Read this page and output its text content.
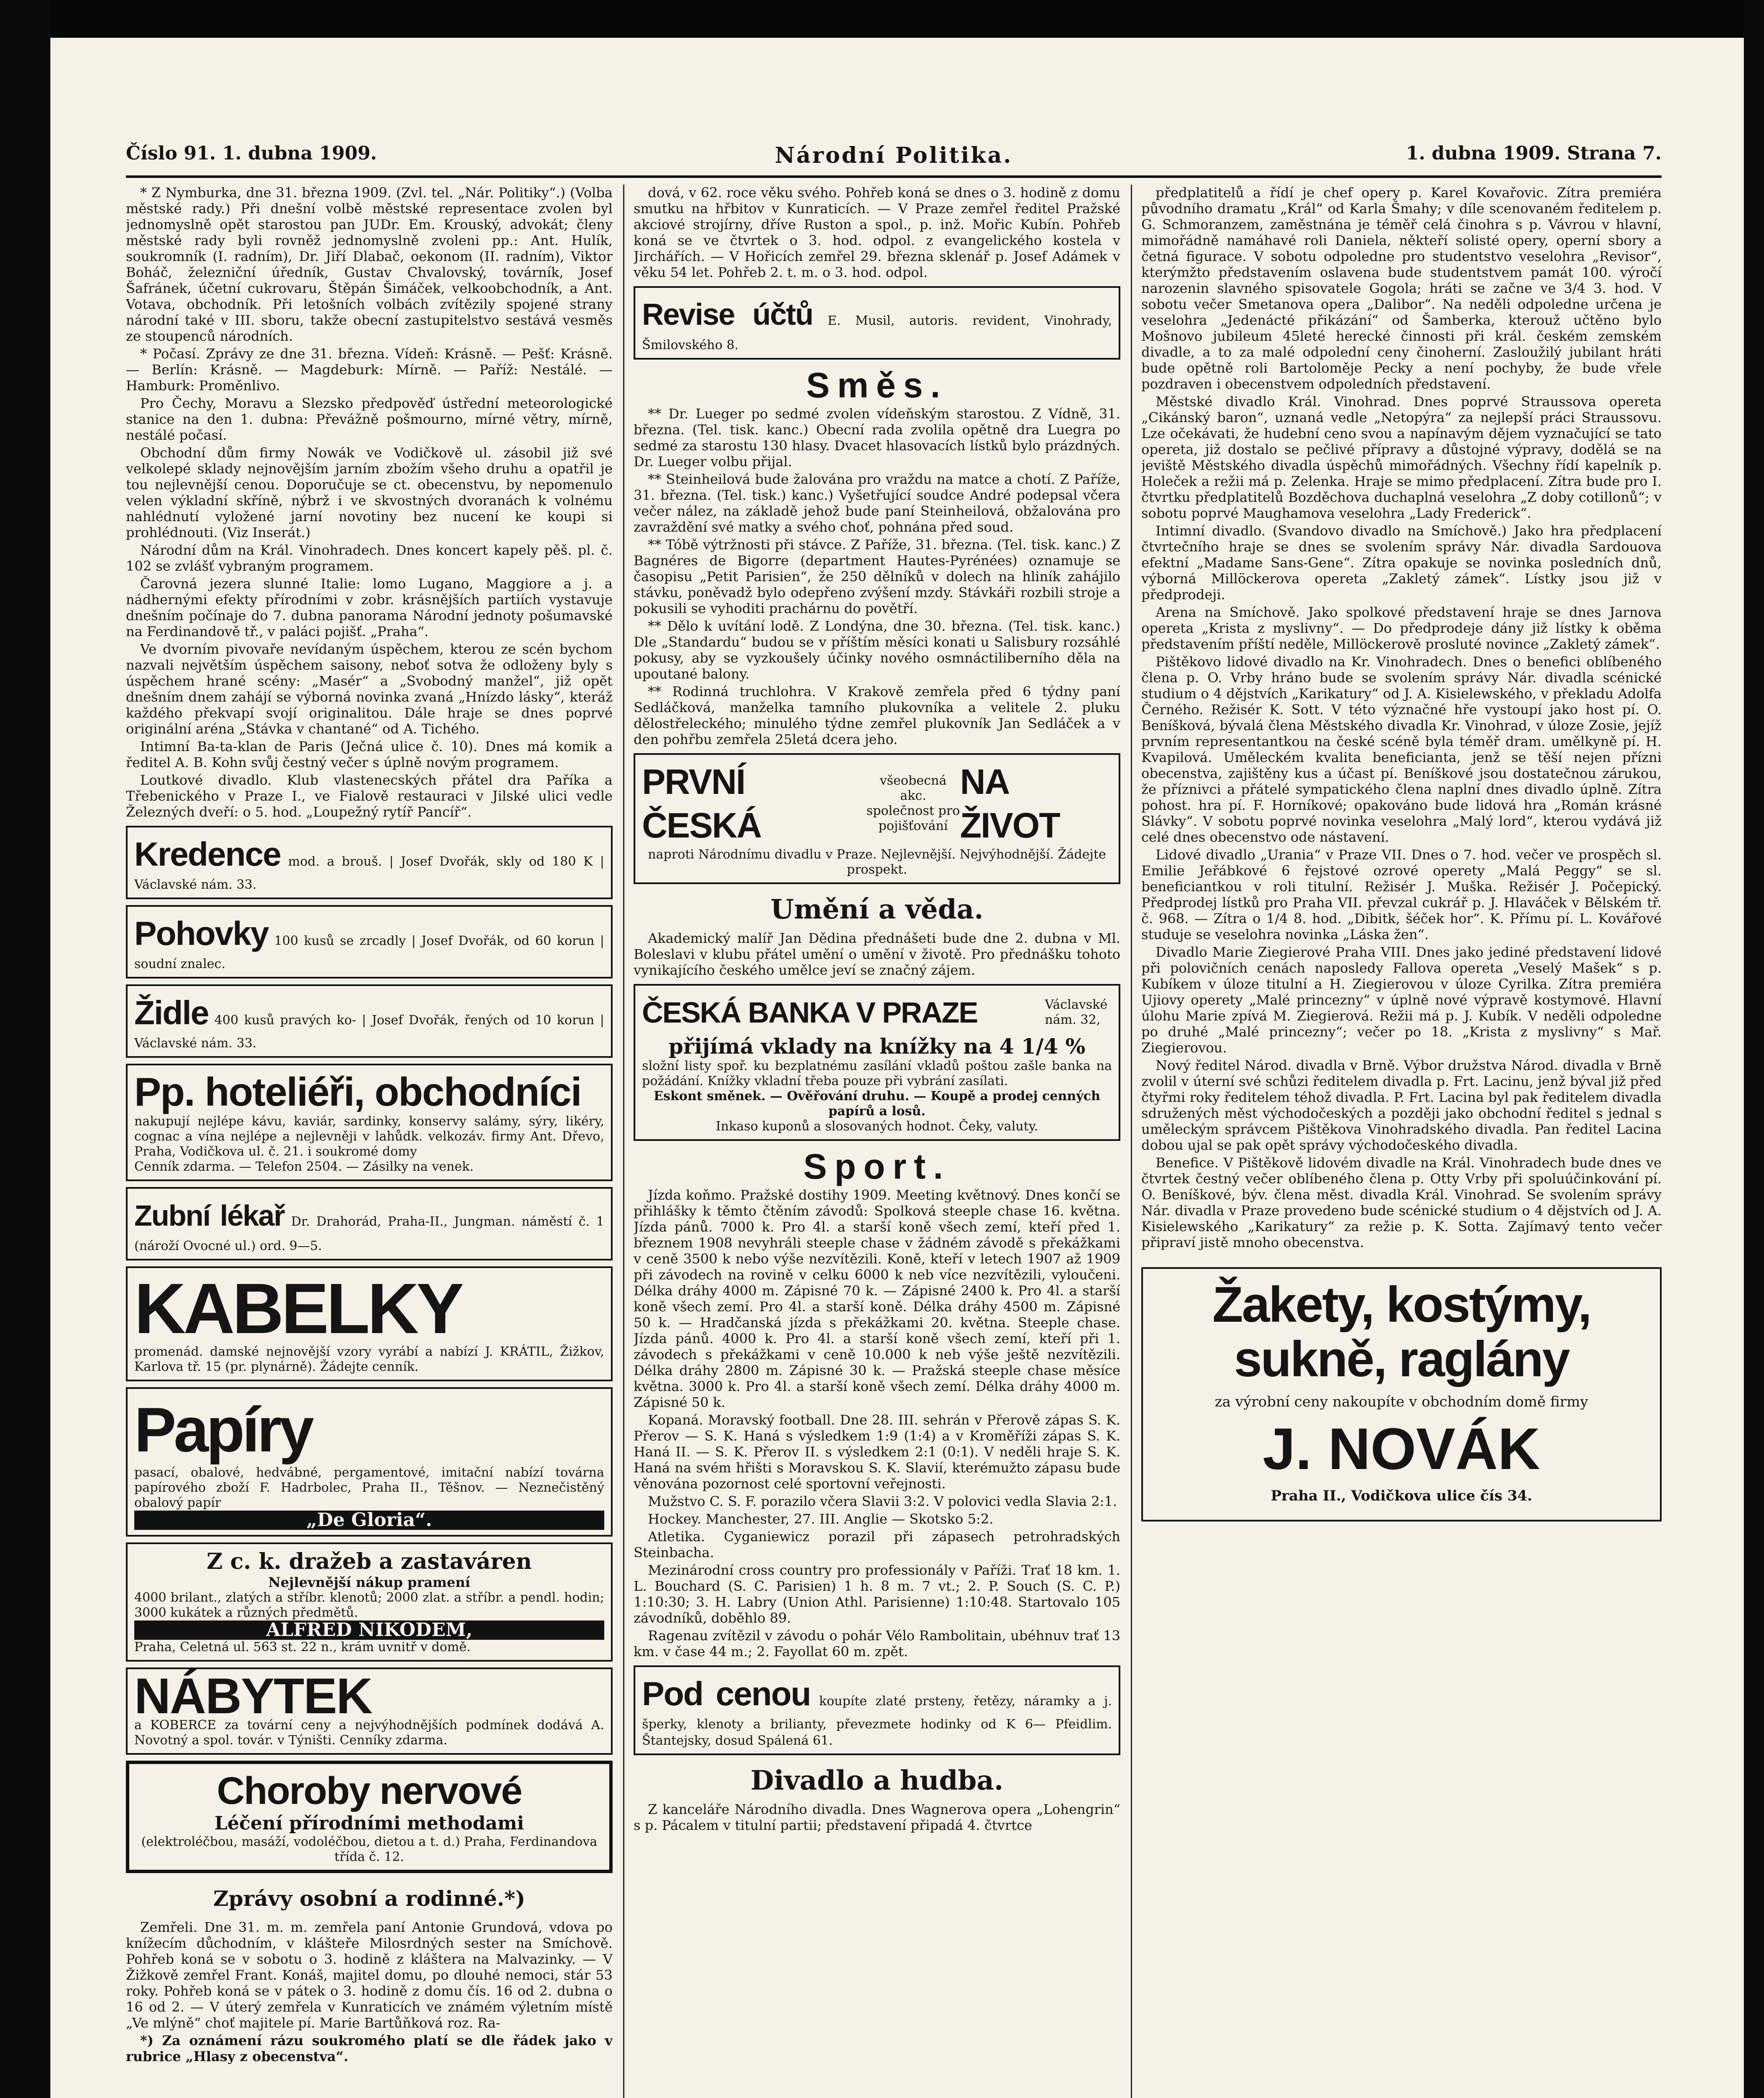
Číslo 91. 1. dubna 1909.	Národní Politika.	1. dubna 1909. Strana 7.

* Z Nymburka, dne 31. března 1909. (Zvl. tel. „Nár. Politiky“.) (Volba městské rady.) Při dnešní volbě městské representace zvolen byl jednomyslně opět starostou pan JUDr. Em. Krouský, advokát; členy městské rady byli rovněž jednomyslně zvoleni pp.: Ant. Hulík, soukromník (I. radním), Dr. Jiří Dlabač, oekonom (II. radním), Viktor Boháč, železniční úředník, Gustav Chvalovský, továrník, Josef Šafránek, účetní cukrovaru, Štěpán Šimáček, velkoobchodník, a Ant. Votava, obchodník. Při letošních volbách zvítězily spojené strany národní také v III. sboru, takže obecní zastupitelstvo sestává vesměs ze stoupenců národních.

* Počasí. Zprávy ze dne 31. března. Vídeň: Krásně. — Pešť: Krásně. — Berlín: Krásně. — Magdeburk: Mírně. — Paříž: Nestálé. — Hamburk: Proměnlivo.

Pro Čechy, Moravu a Slezsko předpověď ústřední meteorologické stanice na den 1. dubna: Převážně pošmourno, mírné větry, mírně, nestálé počasí.

Obchodní dům firmy Nowák ve Vodičkově ul. zásobil již své velkolepé sklady nejnovějším jarním zbožím všeho druhu a opatřil je tou nejlevnější cenou. Doporučuje se ct. obecenstvu, by nepomenulo velen výkladní skříně, nýbrž i ve skvostných dvoranách k volnému nahlédnutí vyložené jarní novotiny bez nucení ke koupi si prohlédnouti. (Viz Inserát.)

Národní dům na Král. Vinohradech. Dnes koncert kapely pěš. pl. č. 102 se zvlášť vybraným programem.

Čarovná jezera slunné Italie: lomo Lugano, Maggiore a j. a nádhernými efekty přírodními v zobr. krásnějších partiích vystavuje dnešním počínaje do 7. dubna panorama Národní jednoty pošumavské na Ferdinandově tř., v paláci pojišť. „Praha“.

Ve dvorním pivovaře nevídaným úspěchem, kterou ze scén bychom nazvali největším úspěchem saisony, neboť sotva že odloženy byly s úspěchem hrané scény: „Masér“ a „Svobodný manžel“, již opět dnešním dnem zahájí se výborná novinka zvaná „Hnízdo lásky“, kteráž každého překvapí svojí originalitou. Dále hraje se dnes poprvé originální aréna „Stávka v chantané“ od A. Tichého.

Intimní Ba-ta-klan de Paris (Ječná ulice č. 10). Dnes má komik a ředitel A. B. Kohn svůj čestný večer s úplně novým programem.

Loutkové divadlo. Klub vlastenecských přátel dra Paříka a Třebenického v Praze I., ve Fialově restauraci v Jilské ulici vedle Železných dveří: o 5. hod. „Loupežný rytíř Pancíř“.

Kredence mod. a brouš. | Josef Dvořák, skly od 180 K | Václavské nám. 33.
Pohovky 100 kusů se zrcadly | Josef Dvořák, od 60 korun | soudní znalec.
Židle 400 kusů pravých ko- | Josef Dvořák, řených od 10 korun | Václavské nám. 33.
Pp. hoteliéři, obchodníci
nakupují nejlépe kávu, kaviár, sardinky, konservy salámy, sýry, likéry, cognac a vína nejlépe a nejlevněji v lahůdk. velkozáv. firmy Ant. Dřevo, Praha, Vodičkova ul. č. 21. i soukromé domy
Cenník zdarma. — Telefon 2504. — Zásilky na venek.
Zubní lékař Dr. Drahorád, Praha-II., Jungman. náměstí č. 1 (nároží Ovocné ul.) ord. 9—5.
KABELKY
promenád. damské nejnovější vzory vyrábí a nabízí J. KRÁTIL, Žižkov, Karlova tř. 15 (pr. plynárně). Žádejte cenník.
Papíry
pasací, obalové, hedvábné, pergamentové, imitační nabízí továrna papírového zboží F. Hadrbolec, Praha II., Těšnov. — Neznečistěný obalový papír
„De Gloria“.
Z c. k. dražeb a zastaváren
Nejlevnější nákup pramení
4000 brilant., zlatých a stříbr. klenotů; 2000 zlat. a stříbr. a pendl. hodin; 3000 kukátek a různých předmětů.
ALFRED NIKODEM,
Praha, Celetná ul. 563 st. 22 n., krám uvnitř v domě.
NÁBYTEK
a KOBERCE za tovární ceny a nejvýhodnějších podmínek dodává A. Novotný a spol. továr. v Týništi. Cenníky zdarma.
Choroby nervové
Léčení přírodními methodami
(elektroléčbou, masáží, vodoléčbou, dietou a t. d.) Praha, Ferdinandova třída č. 12.
Zprávy osobní a rodinné.*)

Zemřeli. Dne 31. m. m. zemřela paní Antonie Grundová, vdova po knížecím důchodním, v klášteře Milosrdných sester na Smíchově. Pohřeb koná se v sobotu o 3. hodině z kláštera na Malvazinky. — V Žižkově zemřel Frant. Konáš, majitel domu, po dlouhé nemoci, stár 53 roky. Pohřeb koná se v pátek o 3. hodině z domu čís. 16 od 2. dubna o 16 od 2. — V úterý zemřela v Kunraticích ve známém výletním místě „Ve mlýně“ choť majitele pí. Marie Bartůňková roz. Ra-

*) Za oznámení rázu soukromého platí se dle řádek jako v rubrice „Hlasy z obecenstva“.

dová, v 62. roce věku svého. Pohřeb koná se dnes o 3. hodině z domu smutku na hřbitov v Kunraticích. — V Praze zemřel ředitel Pražské akciové strojírny, dříve Ruston a spol., p. inž. Mořic Kubín. Pohřeb koná se ve čtvrtek o 3. hod. odpol. z evangelického kostela v Jirchářích. — V Hořicích zemřel 29. března sklenář p. Josef Adámek v věku 54 let. Pohřeb 2. t. m. o 3. hod. odpol.

Revise účtů E. Musil, autoris. revident, Vinohrady, Šmilovského 8.
Směs.

** Dr. Lueger po sedmé zvolen vídeňským starostou. Z Vídně, 31. března. (Tel. tisk. kanc.) Obecní rada zvolila opětně dra Luegra po sedmé za starostu 130 hlasy. Dvacet hlasovacích lístků bylo prázdných. Dr. Lueger volbu přijal.

** Steinheilová bude žalována pro vraždu na matce a chotí. Z Paříže, 31. března. (Tel. tisk.) kanc.) Vyšetřující soudce André podepsal včera večer nález, na základě jehož bude paní Steinheilová, obžalována pro zavraždění své matky a svého choť, pohnána před soud.

** Tóbě výtržnosti při stávce. Z Paříže, 31. března. (Tel. tisk. kanc.) Z Bagnéres de Bigorre (department Hautes-Pyrénées) oznamuje se časopisu „Petit Parisien“, že 250 dělníků v dolech na hliník zahájilo stávku, poněvadž bylo odepřeno zvýšení mzdy. Stávkáři rozbili stroje a pokusili se vyhoditi prachárnu do povětří.

** Dělo k uvítání lodě. Z Londýna, dne 30. března. (Tel. tisk. kanc.) Dle „Standardu“ budou se v příštím měsíci konati u Salisbury rozsáhlé pokusy, aby se vyzkoušely účinky nového osmnáctiliberního děla na upoutané balony.

** Rodinná truchlohra. V Krakově zemřela před 6 týdny paní Sedláčková, manželka tamního plukovníka a velitele 2. pluku dělostřeleckého; minulého týdne zemřel plukovník Jan Sedláček a v den pohřbu zemřela 25letá dcera jeho.

PRVNÍ ČESKÁ
všeobecná akc. společnost pro pojišťování
NA ŽIVOT
naproti Národnímu divadlu v Praze. Nejlevnější. Nejvýhodnější. Žádejte prospekt.
Umění a věda.

Akademický malíř Jan Dědina přednášeti bude dne 2. dubna v Ml. Boleslavi v klubu přátel umění o umění v životě. Pro přednášku tohoto vynikajícího českého umělce jeví se značný zájem.

ČESKÁ BANKA V PRAZE	Václavské nám. 32,
přijímá vklady na knížky na 4 1/4 %
složní listy spoř. ku bezplatnému zasílání vkladů poštou zašle banka na požádání. Knížky vkladní třeba pouze při vybrání zasílati.
Eskont směnek. — Ověřování druhu. — Koupě a prodej cenných papírů a losů.
Inkaso kuponů a slosovaných hodnot. Čeky, valuty.
Sport.

Jízda koňmo. Pražské dostihy 1909. Meeting květnový. Dnes končí se přihlášky k těmto čtěním závodů: Spolková steeple chase 16. května. Jízda pánů. 7000 k. Pro 4l. a starší koně všech zemí, kteří před 1. březnem 1908 nevyhráli steeple chase v žádném závodě s překážkami v ceně 3500 k nebo výše nezvítězili. Koně, kteří v letech 1907 až 1909 při závodech na rovině v celku 6000 k neb více nezvítězili, vyloučeni. Délka dráhy 4000 m. Zápisné 70 k. — Zápisné 2400 k. Pro 4l. a starší koně všech zemí. Pro 4l. a starší koně. Délka dráhy 4500 m. Zápisné 50 k. — Hradčanská jízda s překážkami 20. května. Steeple chase. Jízda pánů. 4000 k. Pro 4l. a starší koně všech zemí, kteří při 1. závodech s překážkami v ceně 10.000 k neb výše ještě nezvítězili. Délka dráhy 2800 m. Zápisné 30 k. — Pražská steeple chase měsíce května. 3000 k. Pro 4l. a starší koně všech zemí. Délka dráhy 4000 m. Zápisné 50 k.

Kopaná. Moravský football. Dne 28. III. sehrán v Přerově zápas S. K. Přerov — S. K. Haná s výsledkem 1:9 (1:4) a v Kroměříži zápas S. K. Haná II. — S. K. Přerov II. s výsledkem 2:1 (0:1). V neděli hraje S. K. Haná na svém hřišti s Moravskou S. K. Slavií, kterémužto zápasu bude věnována pozornost celé sportovní veřejnosti.

Mužstvo C. S. F. porazilo včera Slavii 3:2. V polovici vedla Slavia 2:1.

Hockey. Manchester, 27. III. Anglie — Skotsko 5:2.

Atletika. Cyganiewicz porazil při zápasech petrohradských Steinbacha.

Mezinárodní cross country pro professionály v Paříži. Trať 18 km. 1. L. Bouchard (S. C. Parisien) 1 h. 8 m. 7 vt.; 2. P. Souch (S. C. P.) 1:10:30; 3. H. Labry (Union Athl. Parisienne) 1:10:48. Startovalo 105 závodníků, doběhlo 89.

Ragenau zvítězil v závodu o pohár Vélo Rambolitain, ubéhnuv trať 13 km. v čase 44 m.; 2. Fayollat 60 m. zpět.

Pod cenou koupíte zlaté prsteny, řetězy, náramky a j. šperky, klenoty a brilianty, převezmete hodinky od K 6— Pfeidlim. Štantejsky, dosud Spálená 61.
Divadlo a hudba.

Z kanceláře Národního divadla. Dnes Wagnerova opera „Lohengrin“ s p. Pácalem v titulní partii; představení připadá 4. čtvrtce

předplatitelů a řídí je chef opery p. Karel Kovařovic. Zítra premiéra původního dramatu „Král“ od Karla Šmahy; v díle scenovaném ředitelem p. G. Schmoranzem, zaměstnána je téměř celá činohra s p. Vávrou v hlavní, mimořádně namáhavé roli Daniela, někteří solisté opery, operní sbory a četná figurace. V sobotu odpoledne pro studentstvo veselohra „Revisor“, kterýmžto představením oslavena bude studentstvem památ 100. výročí narozenin slavného spisovatele Gogola; hráti se začne ve 3/4 3. hod. V sobotu večer Smetanova opera „Dalibor“. Na neděli odpoledne určena je veselohra „Jedenácté přikázání“ od Šamberka, kterouž učtěno bylo Mošnovo jubileum 45leté herecké činnosti při král. českém zemském divadle, a to za malé odpolední ceny činoherní. Zasloužilý jubilant hráti bude opětně roli Bartoloměje Pecky a není pochyby, že bude vřele pozdraven i obecenstvem odpoledních představení.

Městské divadlo Král. Vinohrad. Dnes poprvé Straussova opereta „Cikánský baron“, uznaná vedle „Netopýra“ za nejlepší práci Straussovu. Lze očekávati, že hudební ceno svou a napínavým dějem vyznačující se tato opereta, již dostalo se pečlivé přípravy a důstojné výpravy, dodělá se na jeviště Městského divadla úspěchů mimořádných. Všechny řídí kapelník p. Holeček a režii má p. Zelenka. Hraje se mimo předplacení. Zítra bude pro I. čtvrtku předplatitelů Bozděchova duchaplná veselohra „Z doby cotillonů“; v sobotu poprvé Maughamova veselohra „Lady Frederick“.

Intimní divadlo. (Svandovo divadlo na Smíchově.) Jako hra předplacení čtvrtečního hraje se dnes se svolením správy Nár. divadla Sardouova efektní „Madame Sans-Gene“. Zítra opakuje se novinka posledních dnů, výborná Millöckerova opereta „Zakletý zámek“. Lístky jsou již v předprodeji.

Arena na Smíchově. Jako spolkové představení hraje se dnes Jarnova opereta „Krista z myslivny“. — Do předprodeje dány již lístky k oběma představením příští neděle, Millöckerově prosluté novince „Zakletý zámek“.

Pištěkovo lidové divadlo na Kr. Vinohradech. Dnes o benefici oblíbeného člena p. O. Vrby hráno bude se svolením správy Nár. divadla scénické studium o 4 dějstvích „Karikatury“ od J. A. Kisielewského, v překladu Adolfa Černého. Režisér K. Sott. V této význačné hře vystoupí jako host pí. O. Beníšková, bývalá člena Městského divadla Kr. Vinohrad, v úloze Zosie, jejíž prvním representantkou na české scéně byla téměř dram. umělkyně pí. H. Kvapilová. Uměleckém kvalita beneficianta, jenž se těší nejen přízni obecenstva, zajištěny kus a účast pí. Beníškové jsou dostatečnou zárukou, že příznivci a přátelé sympatického člena naplní dnes divadlo úplně. Zítra pohost. hra pí. F. Horníkové; opakováno bude lidová hra „Román krásné Slávky“. V sobotu poprvé novinka veselohra „Malý lord“, kterou vydává již celé dnes obecenstvo ode nástavení.

Lidové divadlo „Urania“ v Praze VII. Dnes o 7. hod. večer ve prospěch sl. Emilie Jeřábkové 6 řejstové ozrové operety „Malá Peggy“ se sl. beneficiantkou v roli titulní. Režisér J. Muška. Režisér J. Počepický. Předprodej lístků pro Praha VII. převzal cukrář p. J. Hlaváček v Bělském tř. č. 968. — Zítra o 1/4 8. hod. „Dibitk, šéček hor“. K. Přímu pí. L. Kovářové studuje se veselohra novinka „Láska žen“.

Divadlo Marie Ziegierové Praha VIII. Dnes jako jediné představení lidové při polovičních cenách naposledy Fallova opereta „Veselý Mašek“ s p. Kubíkem v úloze titulní a H. Ziegierovou v úloze Cyrilka. Zítra premiéra Ujiovy operety „Malé princezny“ v úplně nové výpravě kostymové. Hlavní úlohu Marie zpívá M. Ziegierová. Režii má p. J. Kubík. V neděli odpoledne po druhé „Malé princezny“; večer po 18. „Krista z myslivny“ s Mař. Ziegierovou.

Nový ředitel Národ. divadla v Brně. Výbor družstva Národ. divadla v Brně zvolil v úterní své schůzi ředitelem divadla p. Frt. Lacinu, jenž býval již před čtyřmi roky ředitelem téhož divadla. P. Frt. Lacina byl pak ředitelem divadla sdružených měst východočeských a později jako obchodní ředitel s jednal s uměleckým správcem Pištěkova Vinohradského divadla. Pan ředitel Lacina dobou ujal se pak opět správy východočeského divadla.

Benefice. V Pištěkově lidovém divadle na Král. Vinohradech bude dnes ve čtvrtek čestný večer oblíbeného člena p. Otty Vrby při spoluúčinkování pí. O. Beníškové, býv. člena měst. divadla Král. Vinohrad. Se svolením správy Nár. divadla v Praze provedeno bude scénické studium o 4 dějstvích od J. A. Kisielewského „Karikatury“ za režie p. K. Sotta. Zajímavý tento večer připraví jistě mnoho obecenstva.

Žakety, kostýmy, sukně, raglány
za výrobní ceny nakoupíte v obchodním domě firmy
J. NOVÁK
Praha II., Vodičkova ulice čís 34.
